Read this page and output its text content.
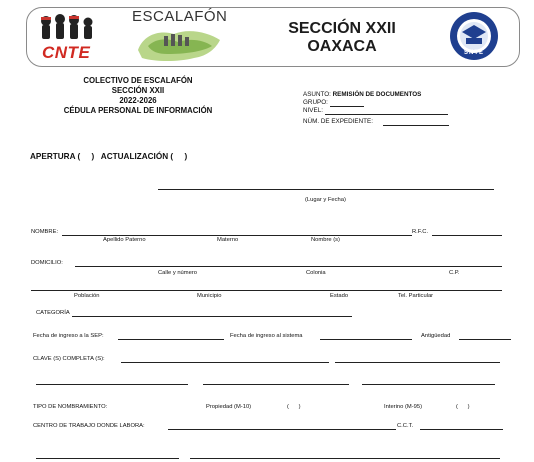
CNTE
ESCALAFÓN
SECCIÓN XXII
OAXACA	SNTE
COLECTIVO DE ESCALAFÓN
SECCIÓN XXII
2022-2026
CÉDULA PERSONAL DE INFORMACIÓN
ASUNTO: REMISIÓN DE DOCUMENTOS
GRUPO:
NIVEL:
NÚM. DE EXPEDIENTE:
APERTURA (     )   ACTUALIZACIÓN (     )
(Lugar y Fecha)
NOMBRE:	R.F.C.
Apellido Paterno	Materno	Nombre (s)
DOMICILIO:
Calle y número	Colonia	C.P.
Población	Municipio	Estado	Tel. Particular
CATEGORÍA
Fecha de ingreso a la SEP:	Fecha de ingreso al sistema	Antigüedad
CLAVE (S) COMPLETA (S):
TIPO DE NOMBRAMIENTO:	Propiedad (M-10)	(      )	Interino (M-95)	(      )
CENTRO DE TRABAJO DONDE LABORA:	C.C.T.
